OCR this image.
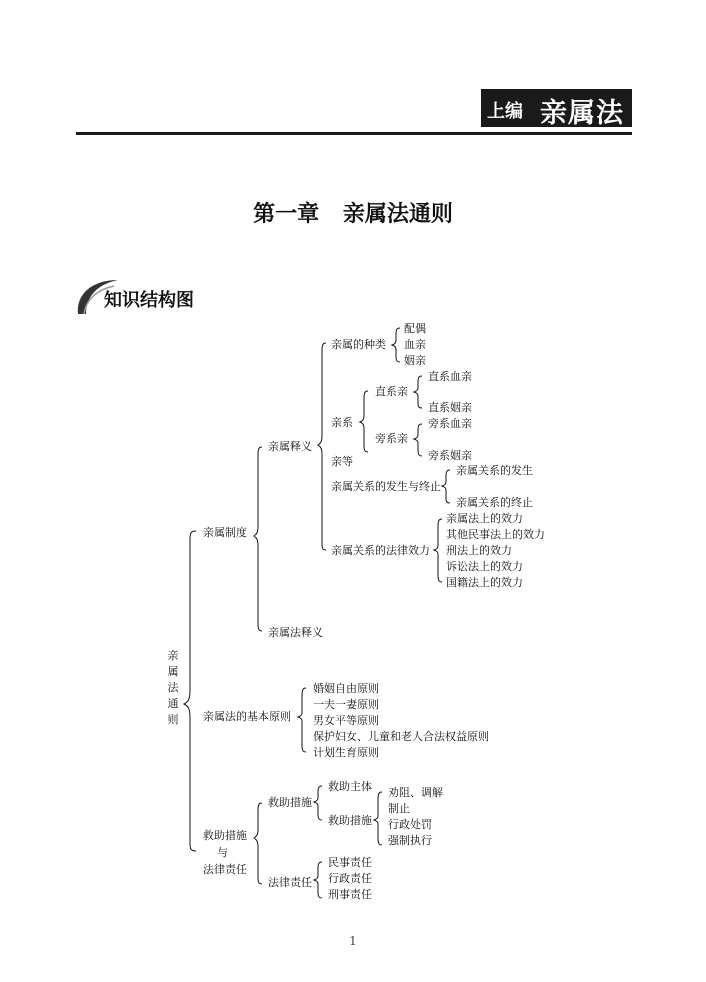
上编 亲属法
第一章 亲属法通则
知识结构图
亲
属
法
通
则
亲属制度
亲属法的基本原则
救助措施
与
法律责任
亲属释义
亲属法释义
亲属的种类
配偶
血亲
姻亲
亲系
直系亲
直系血亲
直系姻亲
旁系亲
旁系血亲
旁系姻亲
亲等
亲属关系的发生与终止
亲属关系的发生
亲属关系的终止
亲属关系的法律效力
亲属法上的效力
其他民事法上的效力
刑法上的效力
诉讼法上的效力
国籍法上的效力
婚姻自由原则
一夫一妻原则
男女平等原则
保护妇女、儿童和老人合法权益原则
计划生育原则
救助措施
救助主体
救助措施
劝阻、调解
制止
行政处罚
强制执行
法律责任
民事责任
行政责任
刑事责任
1
